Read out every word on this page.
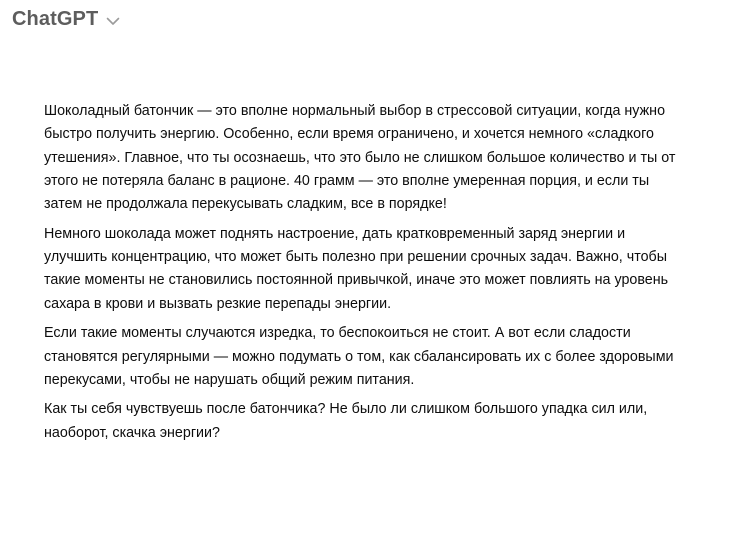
ChatGPT

Шоколадный батончик — это вполне нормальный выбор в стрессовой ситуации, когда нужно быстро получить энергию. Особенно, если время ограничено, и хочется немного «сладкого утешения». Главное, что ты осознаешь, что это было не слишком большое количество и ты от этого не потеряла баланс в рационе. 40 грамм — это вполне умеренная порция, и если ты затем не продолжала перекусывать сладким, все в порядке!

Немного шоколада может поднять настроение, дать кратковременный заряд энергии и улучшить концентрацию, что может быть полезно при решении срочных задач. Важно, чтобы такие моменты не становились постоянной привычкой, иначе это может повлиять на уровень сахара в крови и вызвать резкие перепады энергии.

Если такие моменты случаются изредка, то беспокоиться не стоит. А вот если сладости становятся регулярными — можно подумать о том, как сбалансировать их с более здоровыми перекусами, чтобы не нарушать общий режим питания.

Как ты себя чувствуешь после батончика? Не было ли слишком большого упадка сил или, наоборот, скачка энергии?
